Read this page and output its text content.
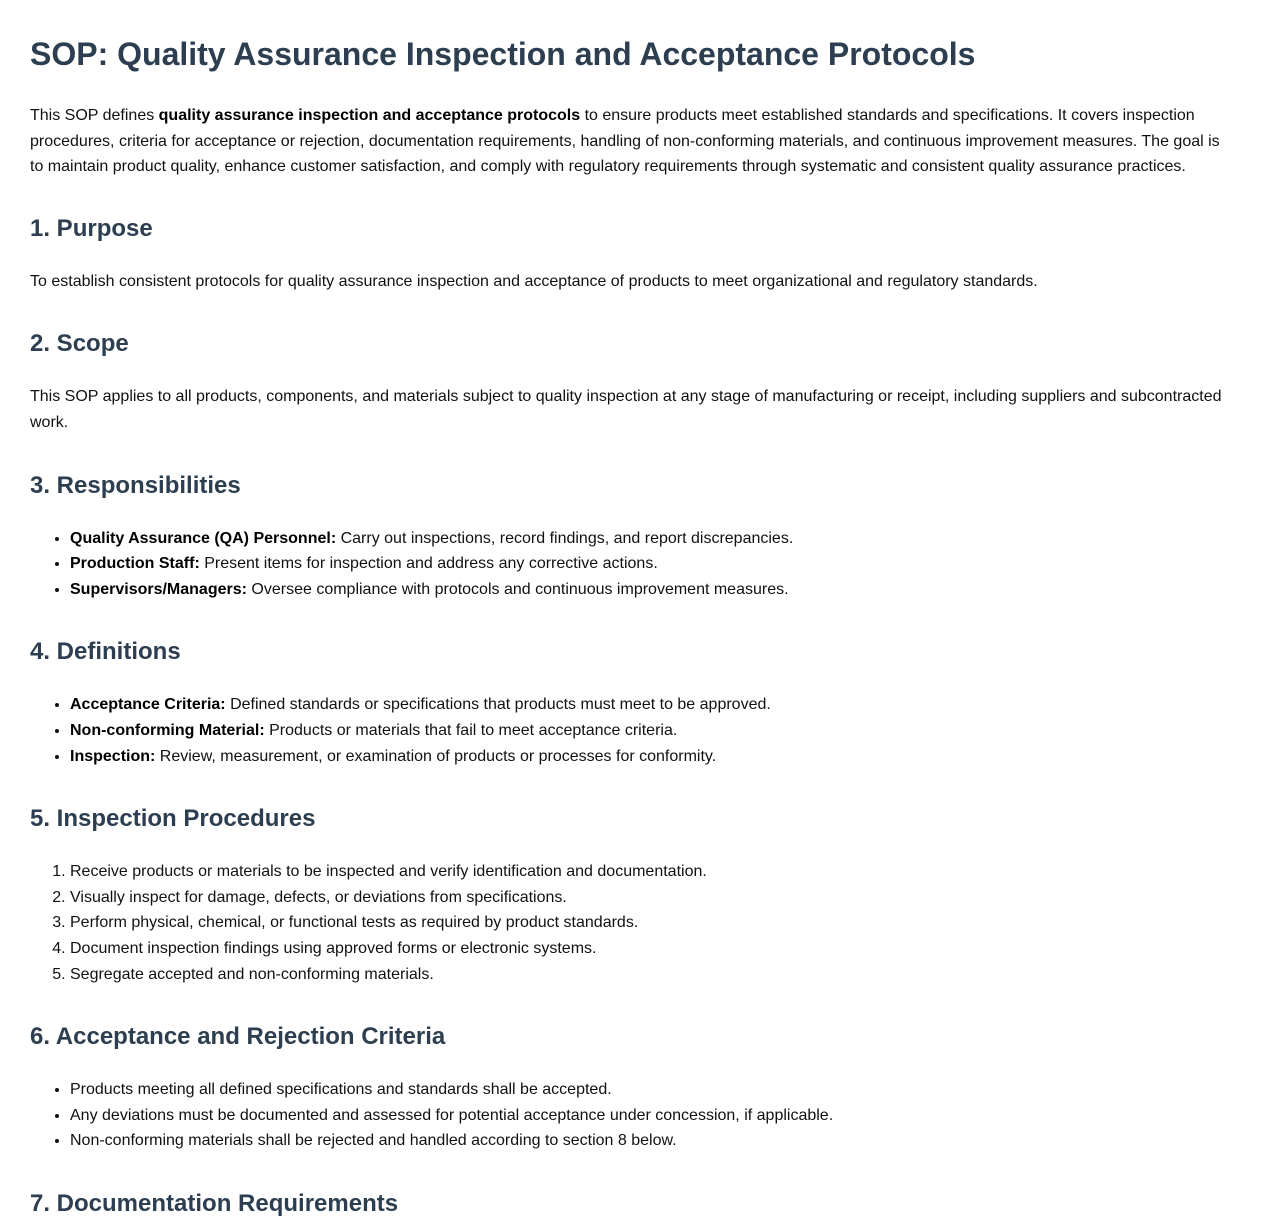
SOP: Quality Assurance Inspection and Acceptance Protocols

This SOP defines quality assurance inspection and acceptance protocols to ensure products meet established standards and specifications. It covers inspection procedures, criteria for acceptance or rejection, documentation requirements, handling of non-conforming materials, and continuous improvement measures. The goal is to maintain product quality, enhance customer satisfaction, and comply with regulatory requirements through systematic and consistent quality assurance practices.

1. Purpose

To establish consistent protocols for quality assurance inspection and acceptance of products to meet organizational and regulatory standards.

2. Scope

This SOP applies to all products, components, and materials subject to quality inspection at any stage of manufacturing or receipt, including suppliers and subcontracted work.

3. Responsibilities
• Quality Assurance (QA) Personnel: Carry out inspections, record findings, and report discrepancies.
• Production Staff: Present items for inspection and address any corrective actions.
• Supervisors/Managers: Oversee compliance with protocols and continuous improvement measures.
4. Definitions
• Acceptance Criteria: Defined standards or specifications that products must meet to be approved.
• Non-conforming Material: Products or materials that fail to meet acceptance criteria.
• Inspection: Review, measurement, or examination of products or processes for conformity.
5. Inspection Procedures
1. Receive products or materials to be inspected and verify identification and documentation.
2. Visually inspect for damage, defects, or deviations from specifications.
3. Perform physical, chemical, or functional tests as required by product standards.
4. Document inspection findings using approved forms or electronic systems.
5. Segregate accepted and non-conforming materials.
6. Acceptance and Rejection Criteria
• Products meeting all defined specifications and standards shall be accepted.
• Any deviations must be documented and assessed for potential acceptance under concession, if applicable.
• Non-conforming materials shall be rejected and handled according to section 8 below.
7. Documentation Requirements
